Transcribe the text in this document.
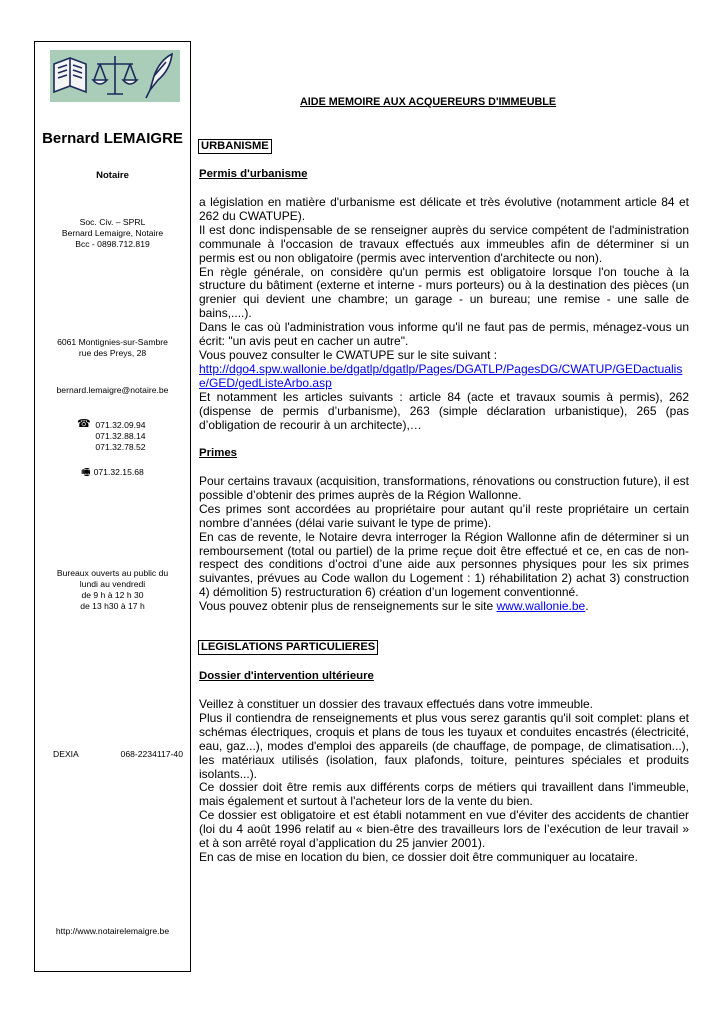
Bernard LEMAIGRE
Notaire
Soc. Civ. – SPRL
Bernard Lemaigre, Notaire
Bcc - 0898.712.819
6061 Montignies-sur-Sambre
rue des Preys, 28
bernard.lemaigre@notaire.be
☎ 071.32.09.94
071.32.88.14
071.32.78.52
🖷 071.32.15.68
Bureaux ouverts au public du
lundi au vendredi
de 9 h à 12 h 30
de 13 h30 à 17 h
DEXIA	068-2234117-40
http://www.notairelemaigre.be
AIDE MEMOIRE AUX ACQUEREURS D'IMMEUBLE
URBANISME
Permis d'urbanisme

a législation en matière d'urbanisme est délicate et très évolutive (notamment article 84 et 262 du CWATUPE).

Il est donc indispensable de se renseigner auprès du service compétent de l'administration communale à l'occasion de travaux effectués aux immeubles afin de déterminer si un permis est ou non obligatoire (permis avec intervention d'architecte ou non).

En règle générale, on considère qu'un permis est obligatoire lorsque l'on touche à la structure du bâtiment (externe et interne - murs porteurs) ou à la destination des pièces (un grenier qui devient une chambre; un garage - un bureau; une remise - une salle de bains,....).

Dans le cas où l'administration vous informe qu'il ne faut pas de permis, ménagez-vous un écrit: "un avis peut en cacher un autre".

Vous pouvez consulter le CWATUPE sur le site suivant :

http://dgo4.spw.wallonie.be/dgatlp/dgatlp/Pages/DGATLP/PagesDG/CWATUP/GEDactualise/GED/gedListeArbo.asp

Et notamment les articles suivants : article 84 (acte et travaux soumis à permis), 262 (dispense de permis d’urbanisme), 263 (simple déclaration urbanistique), 265 (pas d’obligation de recourir à un architecte),…

Primes

Pour certains travaux (acquisition, transformations, rénovations ou construction future), il est possible d’obtenir des primes auprès de la Région Wallonne.

Ces primes sont accordées au propriétaire pour autant qu’il reste propriétaire un certain nombre d’années (délai varie suivant le type de prime).

En cas de revente, le Notaire devra interroger la Région Wallonne afin de déterminer si un remboursement (total ou partiel) de la prime reçue doit être effectué et ce, en cas de non-respect des conditions d’octroi d’une aide aux personnes physiques pour les six primes suivantes, prévues au Code wallon du Logement : 1) réhabilitation 2) achat 3) construction 4) démolition 5) restructuration 6) création d’un logement conventionné.

Vous pouvez obtenir plus de renseignements sur le site www.wallonie.be.

LEGISLATIONS PARTICULIERES
Dossier d'intervention ultérieure

Veillez à constituer un dossier des travaux effectués dans votre immeuble.

Plus il contiendra de renseignements et plus vous serez garantis qu'il soit complet: plans et schémas électriques, croquis et plans de tous les tuyaux et conduites encastrés (électricité, eau, gaz...), modes d'emploi des appareils (de chauffage, de pompage, de climatisation...), les matériaux utilisés (isolation, faux plafonds, toiture, peintures spéciales et produits isolants...).

Ce dossier doit être remis aux différents corps de métiers qui travaillent dans l'immeuble, mais également et surtout à l'acheteur lors de la vente du bien.

Ce dossier est obligatoire et est établi notamment en vue d'éviter des accidents de chantier (loi du 4 août 1996 relatif au « bien-être des travailleurs lors de l’exécution de leur travail » et à son arrêté royal d’application du 25 janvier 2001).

En cas de mise en location du bien, ce dossier doit être communiquer au locataire.
